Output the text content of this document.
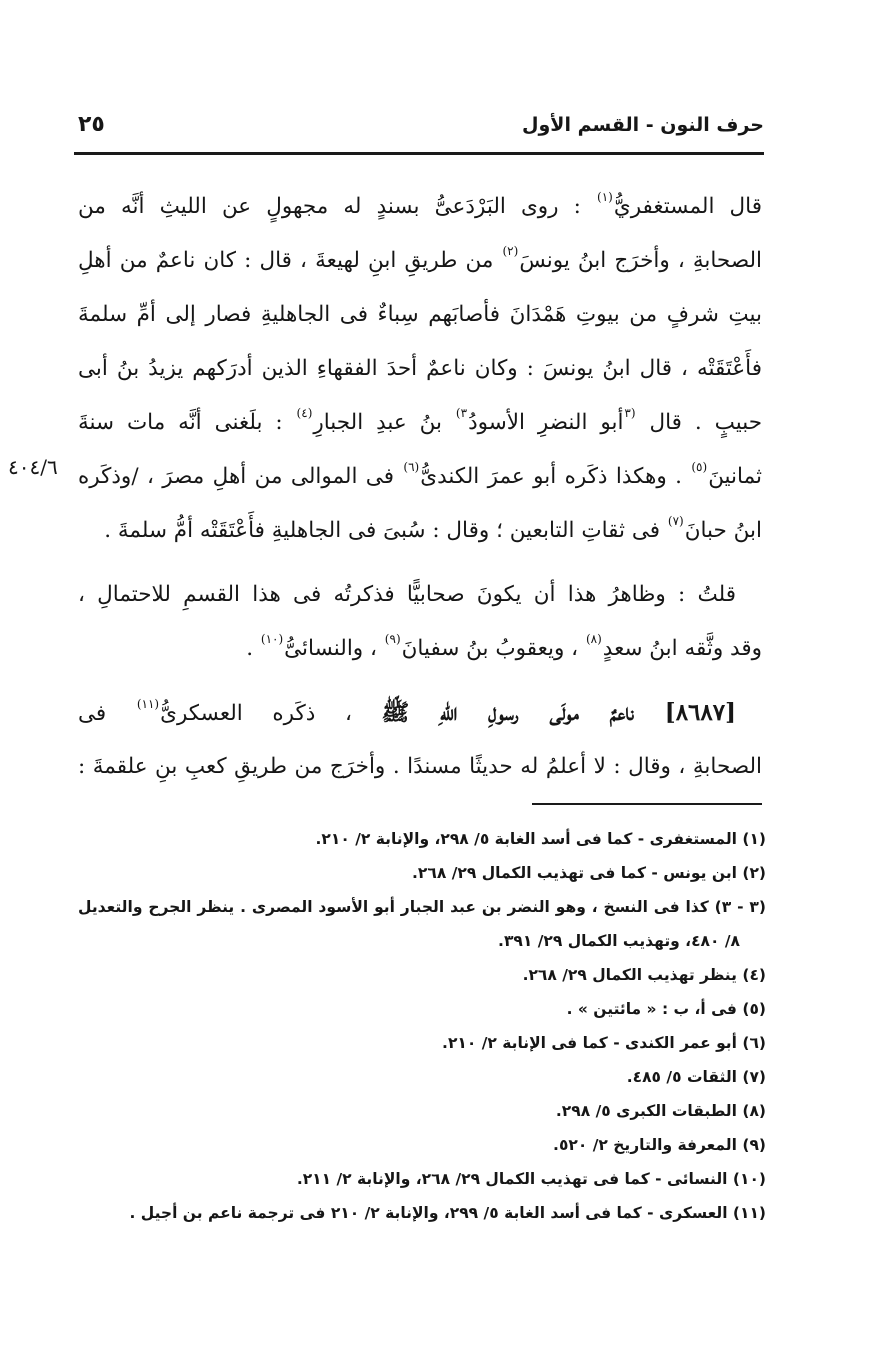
حرف النون - القسم الأول
٢٥
٤٠٤/٦
قال المستغفريُّ$^{(١)}$ : روى البَرْدَعىُّ بسندٍ له مجهولٍ عن الليثِ أنَّه من
الصحابةِ ، وأخرَج ابنُ يونسَ$^{(٢)}$ من طريقِ ابنِ لهيعةَ ، قال : كان ناعمٌ من أهلِ
بيتِ شرفٍ من بيوتِ هَمْدَانَ فأصابَهم سِباءٌ فى الجاهليةِ فصار إلى أمِّ سلمةَ
فأَعْتَقَتْه ، قال ابنُ يونسَ : وكان ناعمٌ أحدَ الفقهاءِ الذين أدرَكهم يزيدُ بنُ أبى
حبيبٍ . قال $^{(٣}$أبو النضرِ الأسودُ$^{٣)}$ بنُ عبدِ الجبارِ$^{(٤)}$ : بلَغنى أنَّه مات سنةَ
ثمانينَ$^{(٥)}$ . وهكذا ذكَره أبو عمرَ الكندىُّ$^{(٦)}$ فى الموالى من أهلِ مصرَ ، /وذكَره
ابنُ حبانَ$^{(٧)}$ فى ثقاتِ التابعين ؛ وقال : سُبىَ فى الجاهليةِ فأَعْتَقَتْه أمُّ سلمةَ .
قلتُ : وظاهرُ هذا أن يكونَ صحابيًّا فذكرتُه فى هذا القسمِ للاحتمالِ ،
وقد وثَّقه ابنُ سعدٍ$^{(٨)}$ ، ويعقوبُ بنُ سفيانَ$^{(٩)}$ ، والنسائىُّ$^{(١٠)}$ .
[٨٦٨٧] ناعمٌ مولَى رسولِ اللهِ ﷺ ، ذكَره العسكرىُّ$^{(١١)}$ فى
الصحابةِ ، وقال : لا أعلمُ له حديثًا مسندًا . وأخرَج من طريقِ كعبِ بنِ علقمةَ :
(١) المستغفرى - كما فى أسد الغابة ٥/ ٢٩٨، والإنابة ٢/ ٢١٠.
(٢) ابن يونس - كما فى تهذيب الكمال ٢٩/ ٢٦٨.
(٣ - ٣) كذا فى النسخ ، وهو النضر بن عبد الجبار أبو الأسود المصرى . ينظر الجرح والتعديل
٨/ ٤٨٠، وتهذيب الكمال ٢٩/ ٣٩١.
(٤) ينظر تهذيب الكمال ٢٩/ ٢٦٨.
(٥) فى أ، ب : « مائتين » .
(٦) أبو عمر الكندى - كما فى الإنابة ٢/ ٢١٠.
(٧) الثقات ٥/ ٤٨٥.
(٨) الطبقات الكبرى ٥/ ٢٩٨.
(٩) المعرفة والتاريخ ٢/ ٥٢٠.
(١٠) النسائى - كما فى تهذيب الكمال ٢٩/ ٢٦٨، والإنابة ٢/ ٢١١.
(١١) العسكرى - كما فى أسد الغابة ٥/ ٢٩٩، والإنابة ٢/ ٢١٠ فى ترجمة ناعم بن أجيل .
